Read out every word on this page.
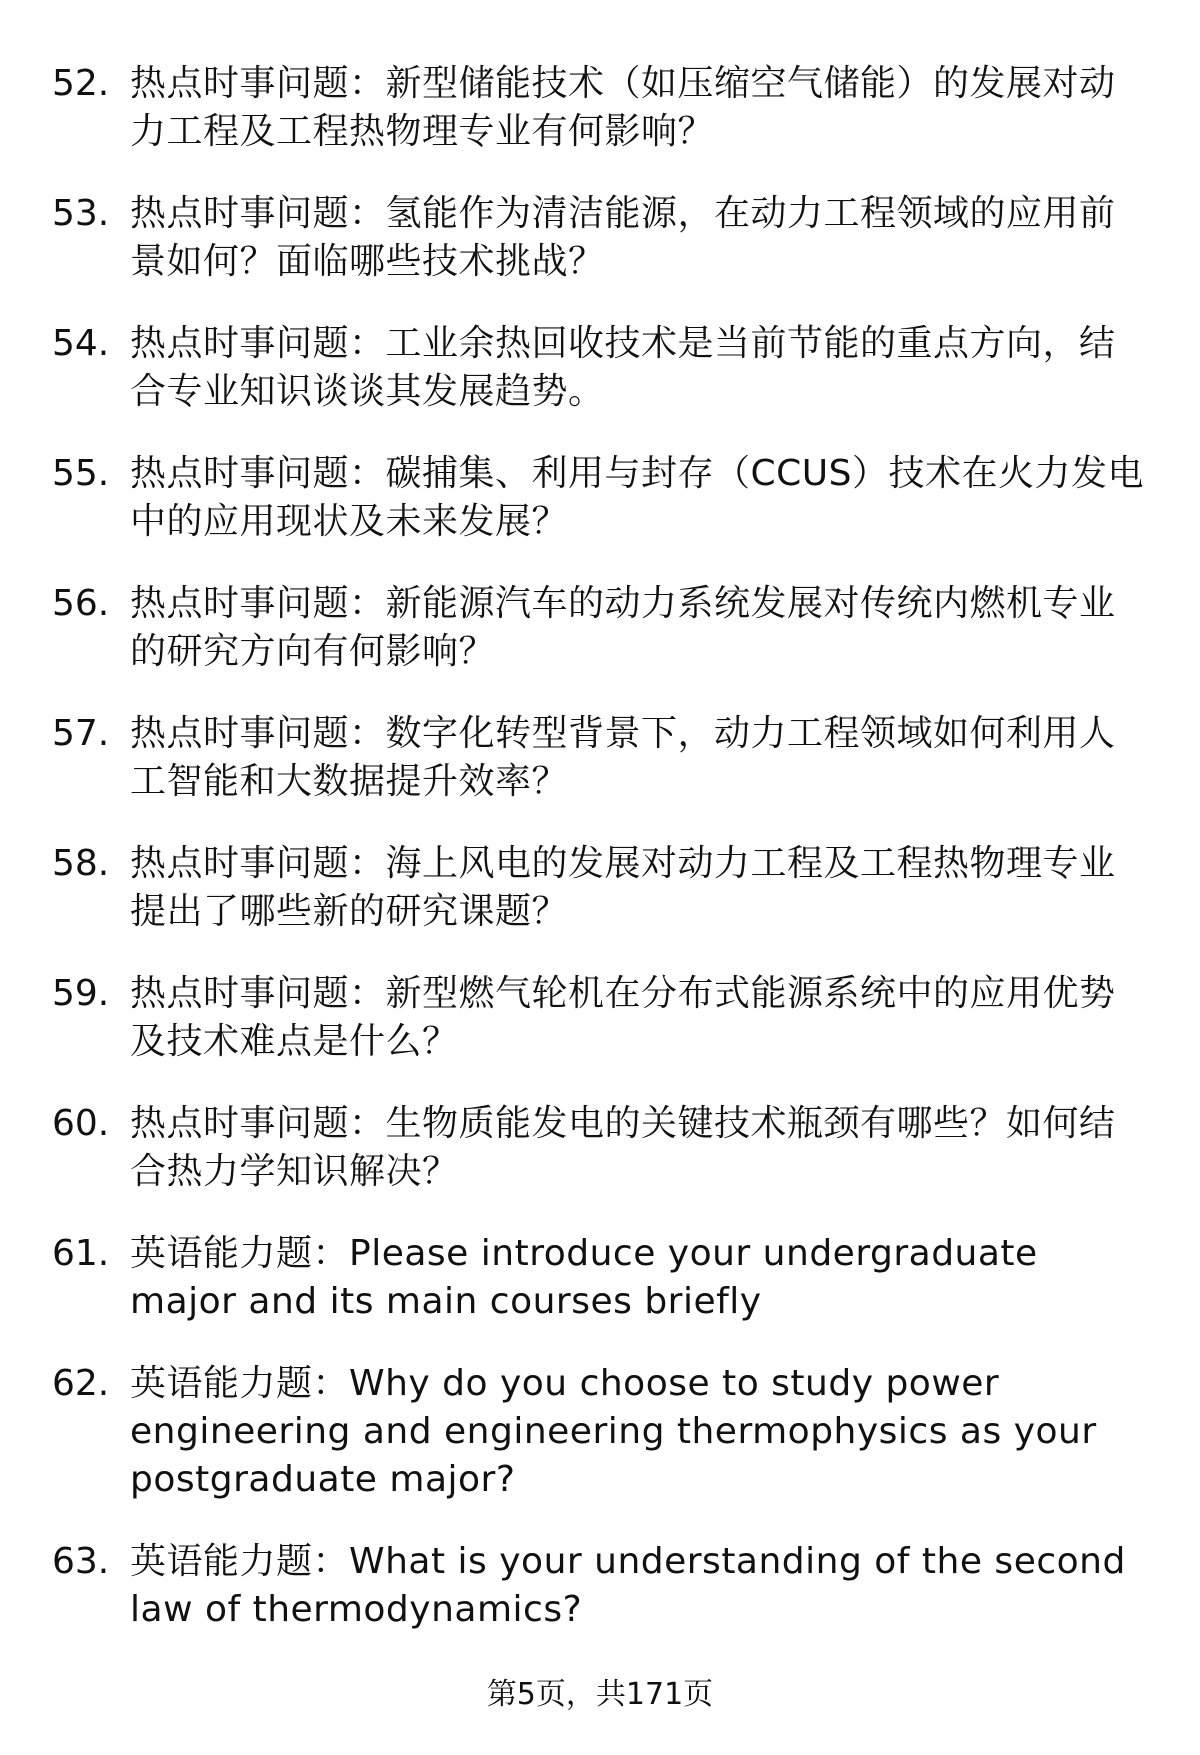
52. 热点时事问题：新型储能技术（如压缩空气储能）的发展对动力工程及工程热物理专业有何影响？
53. 热点时事问题：氢能作为清洁能源，在动力工程领域的应用前景如何？面临哪些技术挑战？
54. 热点时事问题：工业余热回收技术是当前节能的重点方向，结合专业知识谈谈其发展趋势。
55. 热点时事问题：碳捕集、利用与封存（CCUS）技术在火力发电中的应用现状及未来发展？
56. 热点时事问题：新能源汽车的动力系统发展对传统内燃机专业的研究方向有何影响？
57. 热点时事问题：数字化转型背景下，动力工程领域如何利用人工智能和大数据提升效率？
58. 热点时事问题：海上风电的发展对动力工程及工程热物理专业提出了哪些新的研究课题？
59. 热点时事问题：新型燃气轮机在分布式能源系统中的应用优势及技术难点是什么？
60. 热点时事问题：生物质能发电的关键技术瓶颈有哪些？如何结合热力学知识解决？
61. 英语能力题：Please introduce your undergraduate major and its main courses briefly
62. 英语能力题：Why do you choose to study power engineering and engineering thermophysics as your postgraduate major?
63. 英语能力题：What is your understanding of the second law of thermodynamics?
第5页，共171页
